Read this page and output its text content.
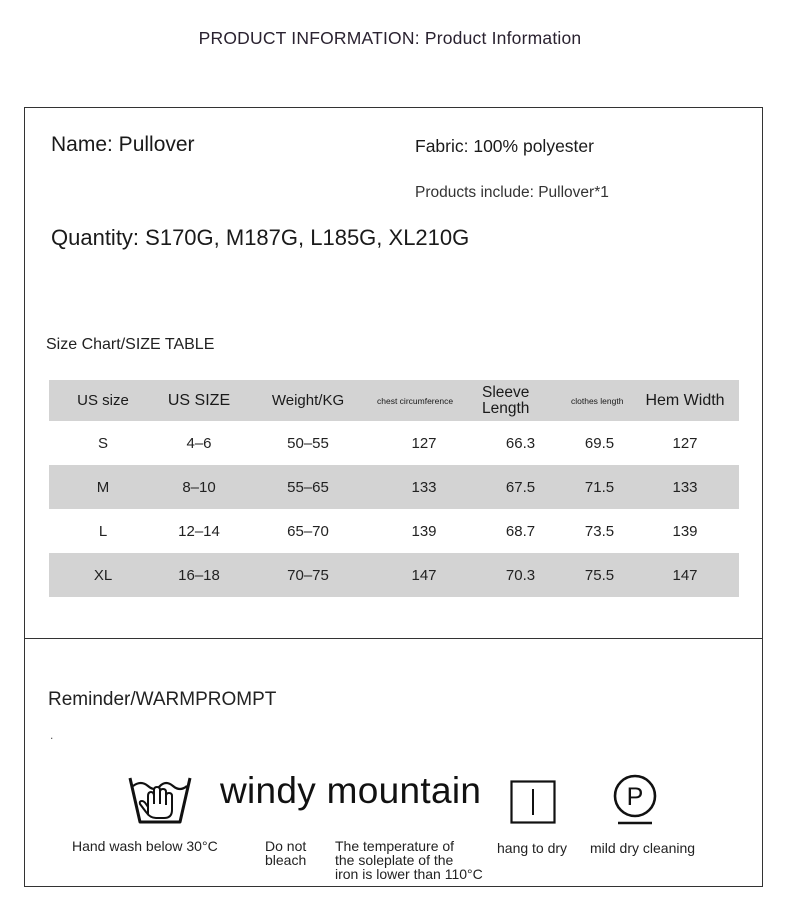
PRODUCT INFORMATION: Product Information
Name: Pullover	Fabric: 100% polyester
Products include: Pullover*1
Quantity: S170G, M187G, L185G, XL210G
Size Chart/SIZE TABLE
US size	US SIZE	Weight/KG	chest circumference	Sleeve Length	clothes length	Hem Width
S	4–6	50–55	127	66.3	69.5	127
M	8–10	55–65	133	67.5	71.5	133
L	12–14	65–70	139	68.7	73.5	139
XL	16–18	70–75	147	70.3	75.5	147
Reminder/WARMPROMPT
.
windy mountain	P
Hand wash below 30°C	Do not
bleach
The temperature of
the soleplate of the
iron is lower than 110°C
hang to dry mild dry cleaning
